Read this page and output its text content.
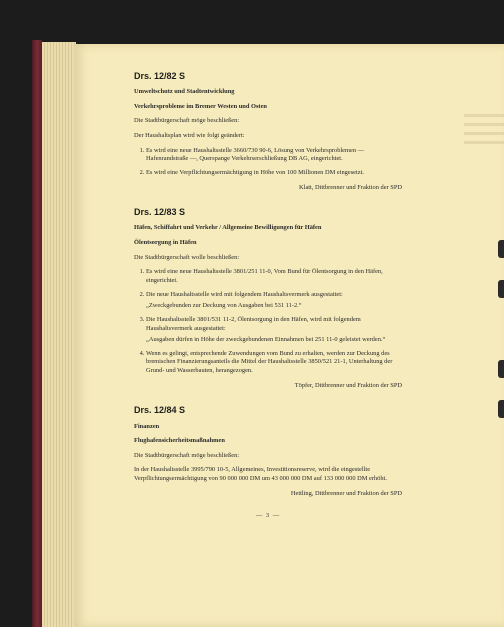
Drs. 12/82 S
Umweltschutz und Stadtentwicklung
Verkehrsprobleme im Bremer Westen und Osten
Die Stadtbürgerschaft möge beschließen:
Der Haushaltsplan wird wie folgt geändert:
1. Es wird eine neue Haushaltsstelle 3660/730 90-6, Lösung von Verkehrsproblemen — Hafenrandstraße —, Querspange Verkehrserschließung DB AG, eingerichtet.
2. Es wird eine Verpflichtungsermächtigung in Höhe von 100 Millionen DM eingesetzt.
Klatt, Dittbrenner und Fraktion der SPD
Drs. 12/83 S
Häfen, Schiffahrt und Verkehr / Allgemeine Bewilligungen für Häfen
Ölentsorgung in Häfen
Die Stadtbürgerschaft wolle beschließen:
1. Es wird eine neue Haushaltsstelle 3801/251 11-0, Vom Bund für Ölentsorgung in den Häfen, eingerichtet.
2. Die neue Haushaltsstelle wird mit folgendem Haushaltsvermerk ausgestattet:
„Zweckgebunden zur Deckung von Ausgaben bei 531 11-2.“
3. Die Haushaltsstelle 3801/531 11-2, Ölentsorgung in den Häfen, wird mit folgendem Haushaltsvermerk ausgestattet:
„Ausgaben dürfen in Höhe der zweckgebundenen Einnahmen bei 251 11-0 geleistet werden.“
4. Wenn es gelingt, entsprechende Zuwendungen vom Bund zu erhalten, werden zur Deckung des bremischen Finanzierungsanteils die Mittel der Haushaltsstelle 3850/521 21-1, Unterhaltung der Grund- und Wasserbauten, herangezogen.
Töpfer, Dittbrenner und Fraktion der SPD
Drs. 12/84 S
Finanzen
Flughafensicherheitsmaßnahmen
Die Stadtbürgerschaft möge beschließen:
In der Haushaltsstelle 3995/790 10-5, Allgemeines, Investitionsreserve, wird die eingestellte Verpflichtungsermächtigung von 90 000 000 DM um 43 000 000 DM auf 133 000 000 DM erhöht.
Hettling, Dittbrenner und Fraktion der SPD
— 3 —
